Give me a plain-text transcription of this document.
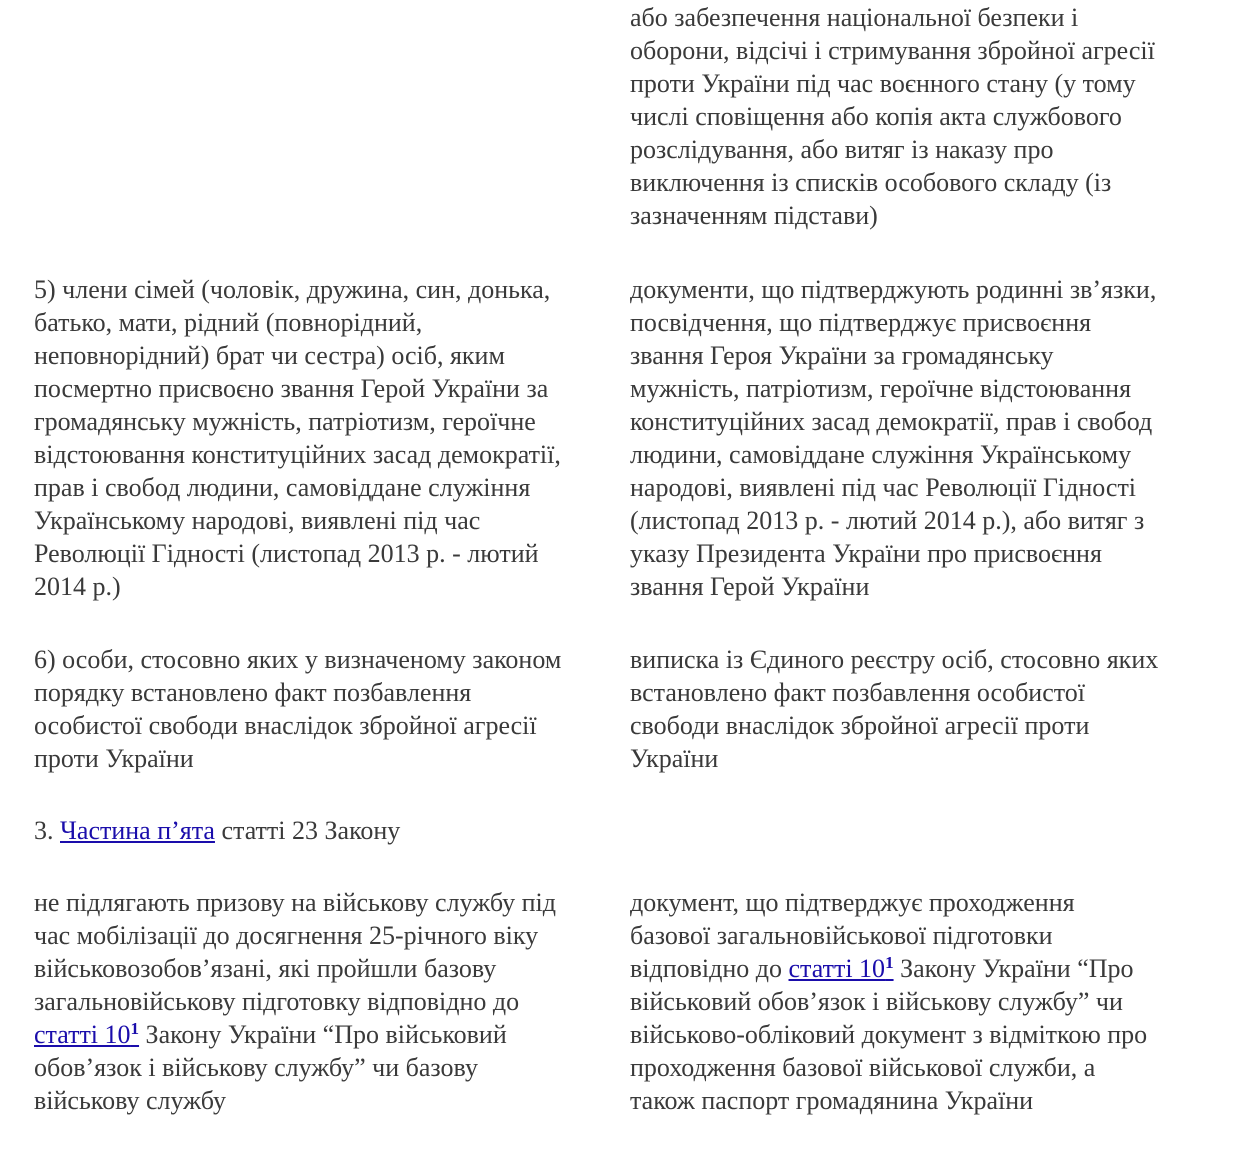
або забезпечення національної безпеки і
оборони, відсічі і стримування збройної агресії
проти України під час воєнного стану (у тому
числі сповіщення або копія акта службового
розслідування, або витяг із наказу про
виключення із списків особового складу (із
зазначенням підстави)
5) члени сімей (чоловік, дружина, син, донька,
батько, мати, рідний (повнорідний,
неповнорідний) брат чи сестра) осіб, яким
посмертно присвоєно звання Герой України за
громадянську мужність, патріотизм, героїчне
відстоювання конституційних засад демократії,
прав і свобод людини, самовіддане служіння
Українському народові, виявлені під час
Революції Гідності (листопад 2013 р. - лютий
2014 р.)
документи, що підтверджують родинні зв’язки,
посвідчення, що підтверджує присвоєння
звання Героя України за громадянську
мужність, патріотизм, героїчне відстоювання
конституційних засад демократії, прав і свобод
людини, самовіддане служіння Українському
народові, виявлені під час Революції Гідності
(листопад 2013 р. - лютий 2014 р.), або витяг з
указу Президента України про присвоєння
звання Герой України
6) особи, стосовно яких у визначеному законом
порядку встановлено факт позбавлення
особистої свободи внаслідок збройної агресії
проти України
виписка із Єдиного реєстру осіб, стосовно яких
встановлено факт позбавлення особистої
свободи внаслідок збройної агресії проти
України
3. Частина п’ята статті 23 Закону
не підлягають призову на військову службу під
час мобілізації до досягнення 25-річного віку
військовозобов’язані, які пройшли базову
загальновійськову підготовку відповідно до
статті 10$^1$ Закону України “Про військовий
обов’язок і військову службу” чи базову
військову службу
документ, що підтверджує проходження
базової загальновійськової підготовки
відповідно до статті 10$^1$ Закону України “Про
військовий обов’язок і військову службу” чи
військово-обліковий документ з відміткою про
проходження базової військової служби, а
також паспорт громадянина України
